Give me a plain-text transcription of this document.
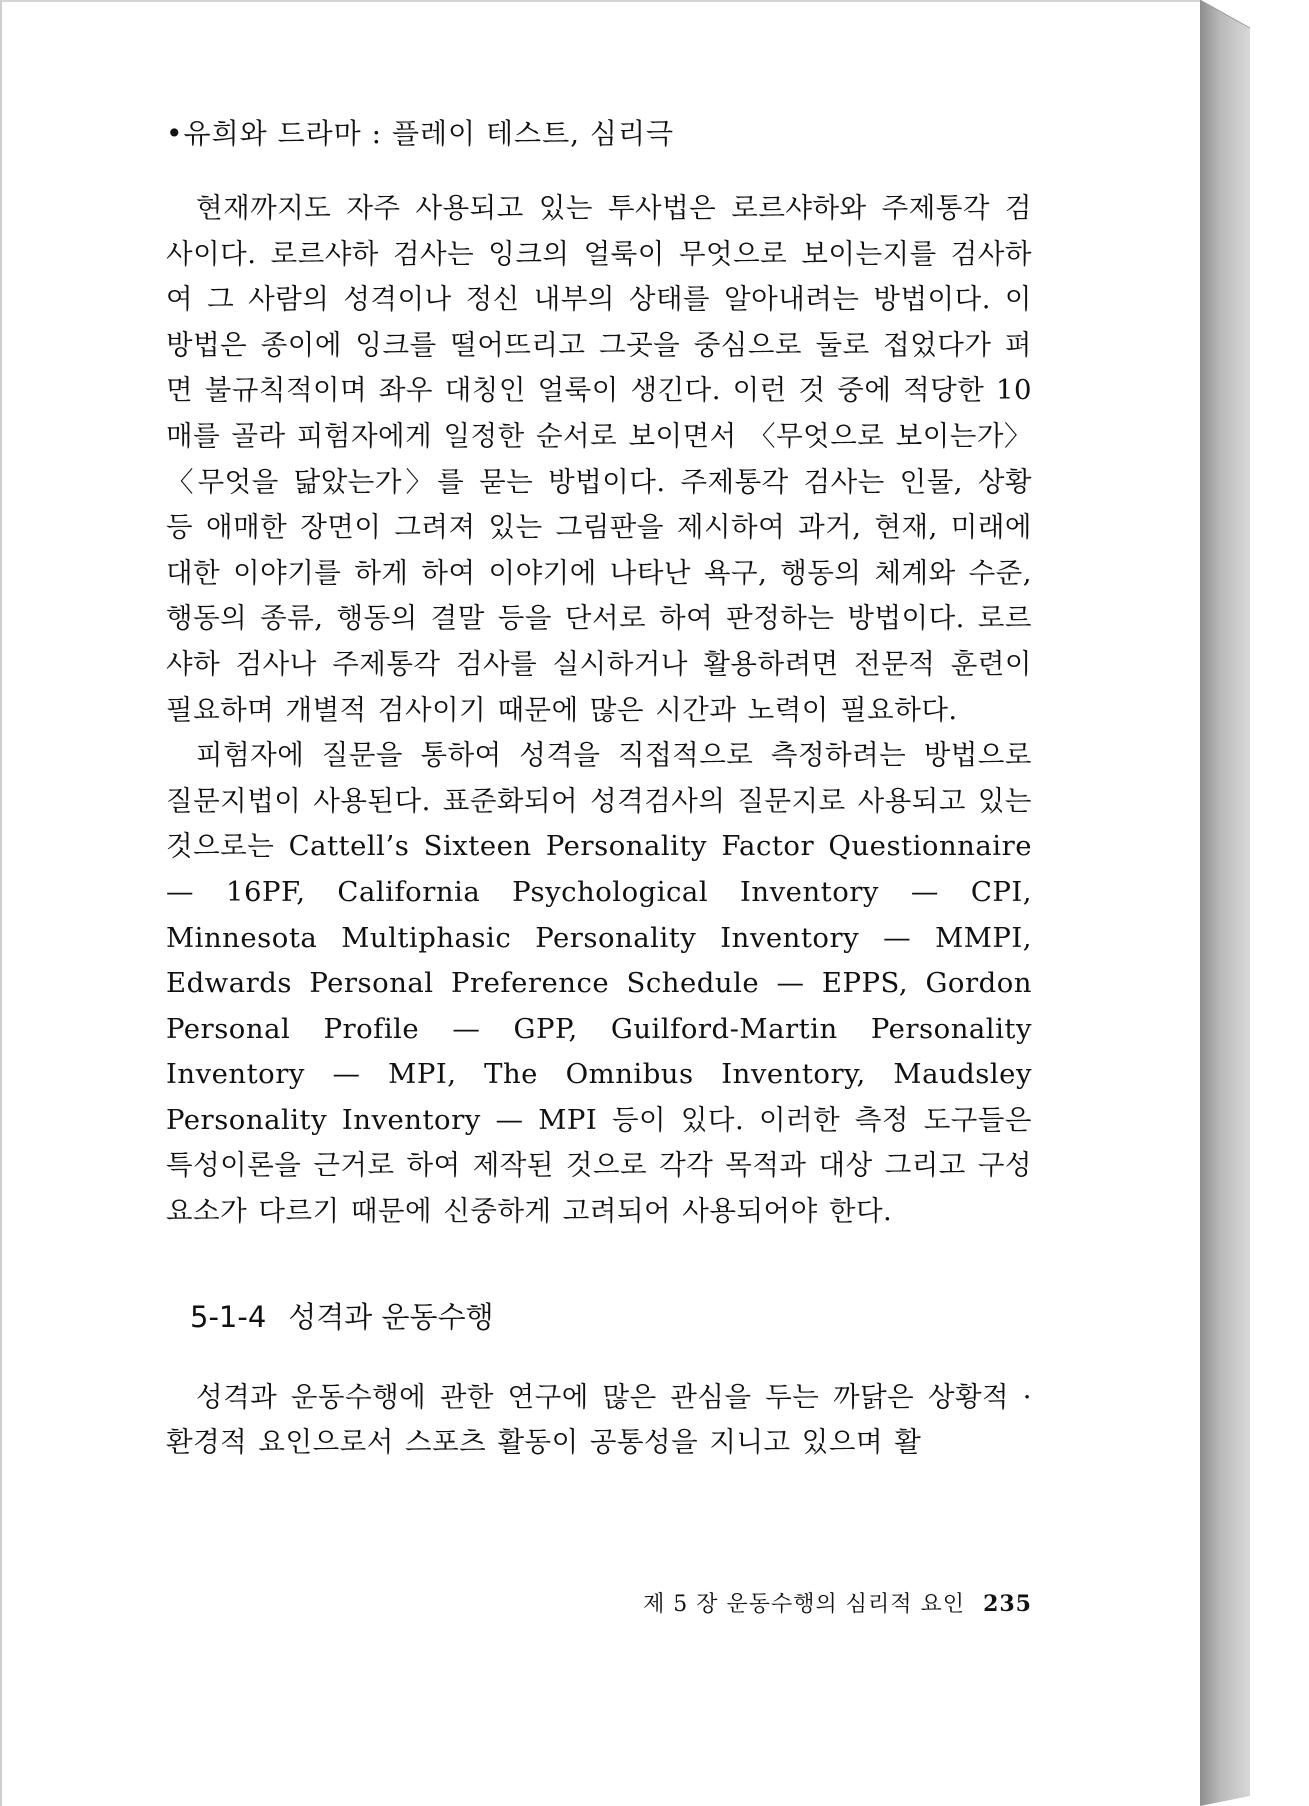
•유희와 드라마 : 플레이 테스트, 심리극

현재까지도 자주 사용되고 있는 투사법은 로르샤하와 주제통각 검사이다. 로르샤하 검사는 잉크의 얼룩이 무엇으로 보이는지를 검사하여 그 사람의 성격이나 정신 내부의 상태를 알아내려는 방법이다. 이 방법은 종이에 잉크를 떨어뜨리고 그곳을 중심으로 둘로 접었다가 펴면 불규칙적이며 좌우 대칭인 얼룩이 생긴다. 이런 것 중에 적당한 10매를 골라 피험자에게 일정한 순서로 보이면서 〈무엇으로 보이는가〉〈무엇을 닮았는가〉를 묻는 방법이다. 주제통각 검사는 인물, 상황 등 애매한 장면이 그려져 있는 그림판을 제시하여 과거, 현재, 미래에 대한 이야기를 하게 하여 이야기에 나타난 욕구, 행동의 체계와 수준, 행동의 종류, 행동의 결말 등을 단서로 하여 판정하는 방법이다. 로르샤하 검사나 주제통각 검사를 실시하거나 활용하려면 전문적 훈련이 필요하며 개별적 검사이기 때문에 많은 시간과 노력이 필요하다.

피험자에 질문을 통하여 성격을 직접적으로 측정하려는 방법으로 질문지법이 사용된다. 표준화되어 성격검사의 질문지로 사용되고 있는 것으로는 Cattell’s Sixteen Personality Factor Questionnaire — 16PF, California Psychological Inventory — CPI, Minnesota Multiphasic Personality Inventory — MMPI, Edwards Personal Preference Schedule — EPPS, Gordon Personal Profile — GPP, Guilford-Martin Personality Inventory — MPI, The Omnibus Inventory, Maudsley Personality Inventory — MPI 등이 있다. 이러한 측정 도구들은 특성이론을 근거로 하여 제작된 것으로 각각 목적과 대상 그리고 구성 요소가 다르기 때문에 신중하게 고려되어 사용되어야 한다.

5-1-4 성격과 운동수행

성격과 운동수행에 관한 연구에 많은 관심을 두는 까닭은 상황적 · 환경적 요인으로서 스포츠 활동이 공통성을 지니고 있으며 활

제 5 장 운동수행의 심리적 요인 235
